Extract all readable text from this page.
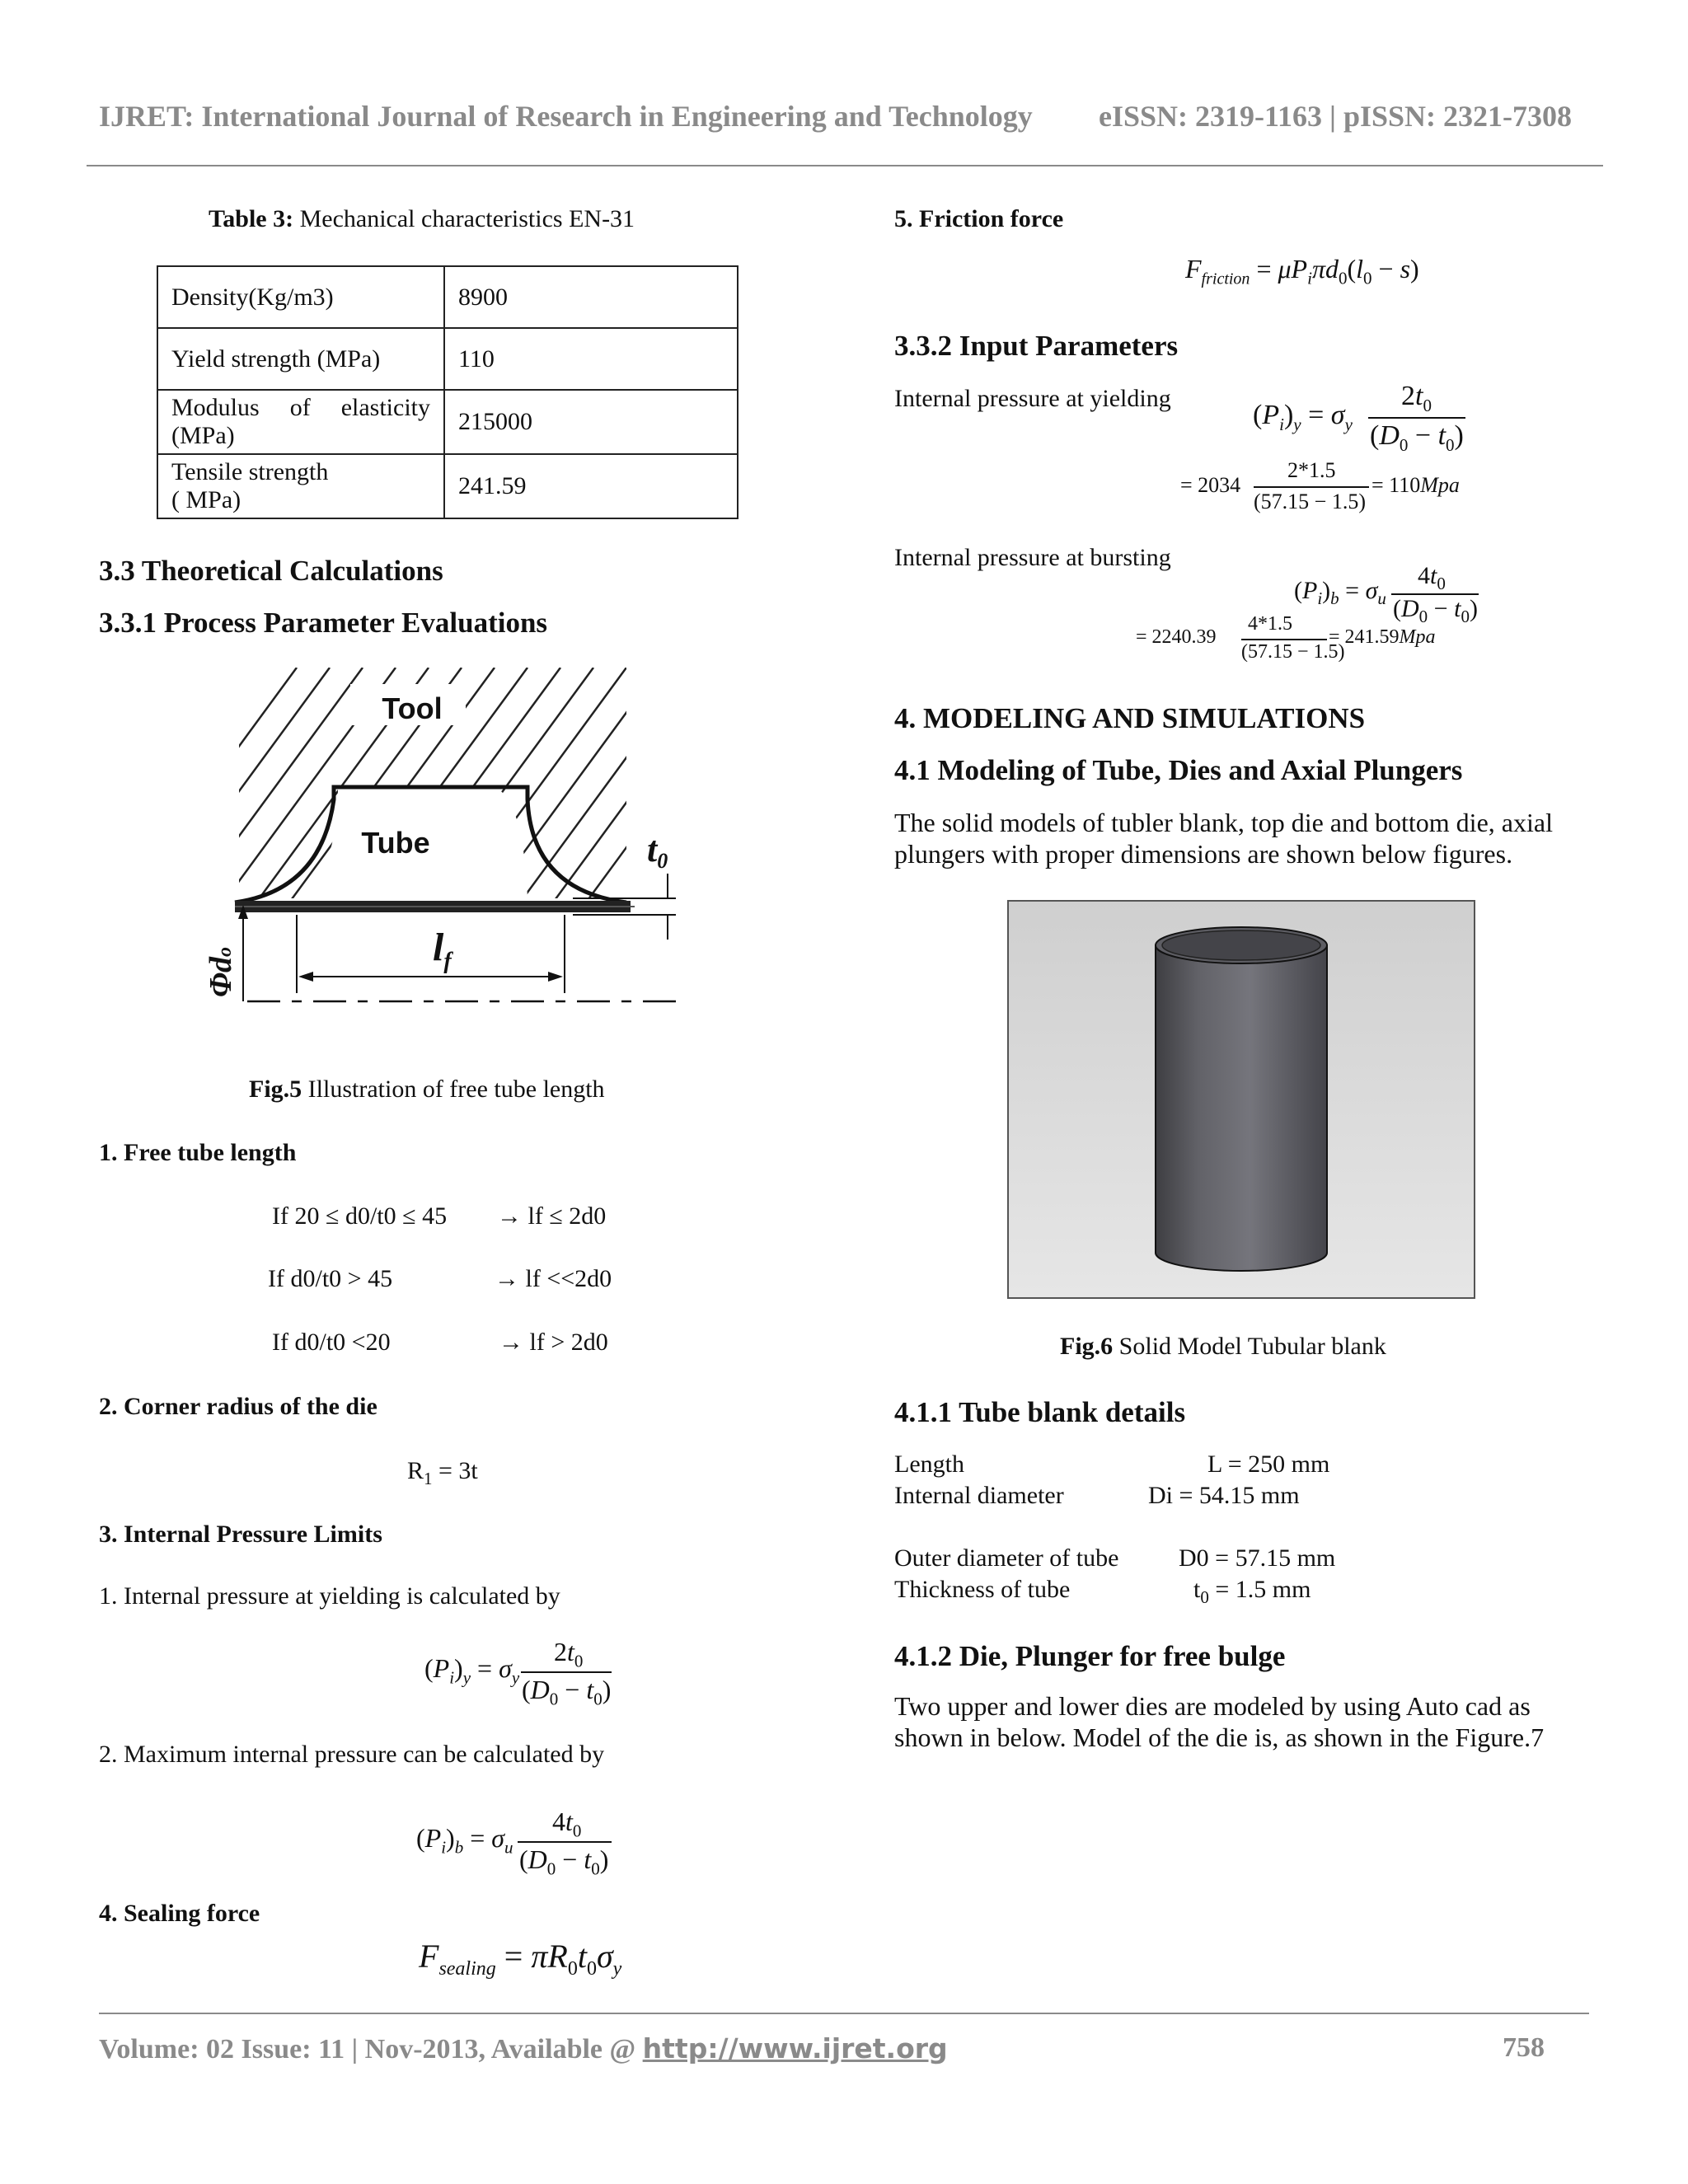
IJRET: International Journal of Research in Engineering and Technology eISSN: 2319-1163 | pISSN: 2321-7308
Table 3: Mechanical characteristics EN-31
Density(Kg/m3)	8900
Yield strength (MPa)	110

Modulus of elasticity
(MPa)	215000

Tensile strength
( MPa)	241.59
3.3 Theoretical Calculations
3.3.1 Process Parameter Evaluations
Tool
Tube	t0
$l_f$
Φdo
Fig.5 Illustration of free tube length
1. Free tube length
If 20 ≤ d0/t0 ≤ 45 → lf ≤ 2d0
If d0/t0 > 45	→ lf <<2d0
If d0/t0 <20	→ lf > 2d0
2. Corner radius of the die
$R_1 = 3t$
3. Internal Pressure Limits
1. Internal pressure at yielding is calculated by
$(P_i)_y = \sigma_y$
$2t_0$
$(D_0 - t_0)$
2. Maximum internal pressure can be calculated by
$(P_i)_b = \sigma_u$
$4t_0$
$(D_0 - t_0)$
4. Sealing force
$F_{sealing} = \pi R_0t_0\sigma_y$
5. Friction force
$F_{friction} = \mu P_i\pi d_0(l_0 - s)$
3.3.2 Input Parameters
Internal pressure at yielding
$(P_i)_y = \sigma_y$
$2t_0$
$(D_0 - t_0)$
= 2034
2*1.5
(57.15 − 1.5)
= 110Mpa
Internal pressure at bursting
$(P_i)_b = \sigma_u$
$4t_0$
$(D_0 - t_0)$
= 2240.39
4*1.5
(57.15 − 1.5)
= 241.59Mpa
4. MODELING AND SIMULATIONS
4.1 Modeling of Tube, Dies and Axial Plungers
The solid models of tubler blank, top die and bottom die, axial
plungers with proper dimensions are shown below figures.
Fig.6 Solid Model Tubular blank
4.1.1 Tube blank details
Length	L = 250 mm
Internal diameter	Di = 54.15 mm
Outer diameter of tube D0 = 57.15 mm
Thickness of tube	$t_0 = 1.5$ mm
4.1.2 Die, Plunger for free bulge
Two upper and lower dies are modeled by using Auto cad as
shown in below. Model of the die is, as shown in the Figure.7
Volume: 02 Issue: 11 | Nov-2013, Available @ http://www.ijret.org	758
